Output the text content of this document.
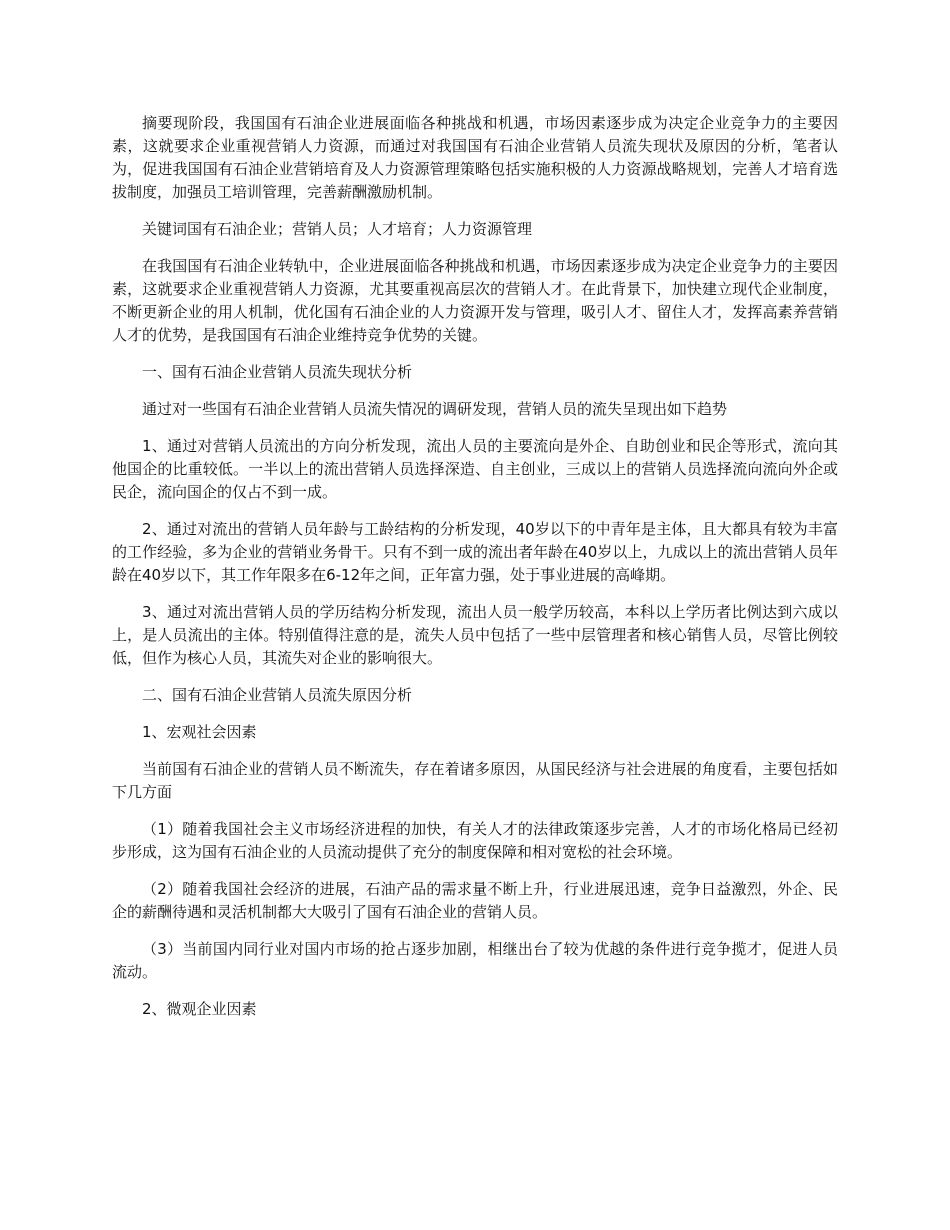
摘要现阶段，我国国有石油企业进展面临各种挑战和机遇，市场因素逐步成为决定企业竞争力的主要因素，这就要求企业重视营销人力资源，而通过对我国国有石油企业营销人员流失现状及原因的分析，笔者认为，促进我国国有石油企业营销培育及人力资源管理策略包括实施积极的人力资源战略规划，完善人才培育选拔制度，加强员工培训管理，完善薪酬激励机制。

关键词国有石油企业；营销人员；人才培育；人力资源管理

在我国国有石油企业转轨中，企业进展面临各种挑战和机遇，市场因素逐步成为决定企业竞争力的主要因素，这就要求企业重视营销人力资源，尤其要重视高层次的营销人才。在此背景下，加快建立现代企业制度，不断更新企业的用人机制，优化国有石油企业的人力资源开发与管理，吸引人才、留住人才，发挥高素养营销人才的优势，是我国国有石油企业维持竞争优势的关键。

一、国有石油企业营销人员流失现状分析

通过对一些国有石油企业营销人员流失情况的调研发现，营销人员的流失呈现出如下趋势

1、通过对营销人员流出的方向分析发现，流出人员的主要流向是外企、自助创业和民企等形式，流向其他国企的比重较低。一半以上的流出营销人员选择深造、自主创业，三成以上的营销人员选择流向流向外企或民企，流向国企的仅占不到一成。

2、通过对流出的营销人员年龄与工龄结构的分析发现，40岁以下的中青年是主体，且大都具有较为丰富的工作经验，多为企业的营销业务骨干。只有不到一成的流出者年龄在40岁以上，九成以上的流出营销人员年龄在40岁以下，其工作年限多在6-12年之间，正年富力强，处于事业进展的高峰期。

3、通过对流出营销人员的学历结构分析发现，流出人员一般学历较高，本科以上学历者比例达到六成以上，是人员流出的主体。特别值得注意的是，流失人员中包括了一些中层管理者和核心销售人员，尽管比例较低，但作为核心人员，其流失对企业的影响很大。

二、国有石油企业营销人员流失原因分析

1、宏观社会因素

当前国有石油企业的营销人员不断流失，存在着诸多原因，从国民经济与社会进展的角度看，主要包括如下几方面

（1）随着我国社会主义市场经济进程的加快，有关人才的法律政策逐步完善，人才的市场化格局已经初步形成，这为国有石油企业的人员流动提供了充分的制度保障和相对宽松的社会环境。

（2）随着我国社会经济的进展，石油产品的需求量不断上升，行业进展迅速，竞争日益激烈，外企、民企的薪酬待遇和灵活机制都大大吸引了国有石油企业的营销人员。

（3）当前国内同行业对国内市场的抢占逐步加剧，相继出台了较为优越的条件进行竞争揽才，促进人员流动。

2、微观企业因素
